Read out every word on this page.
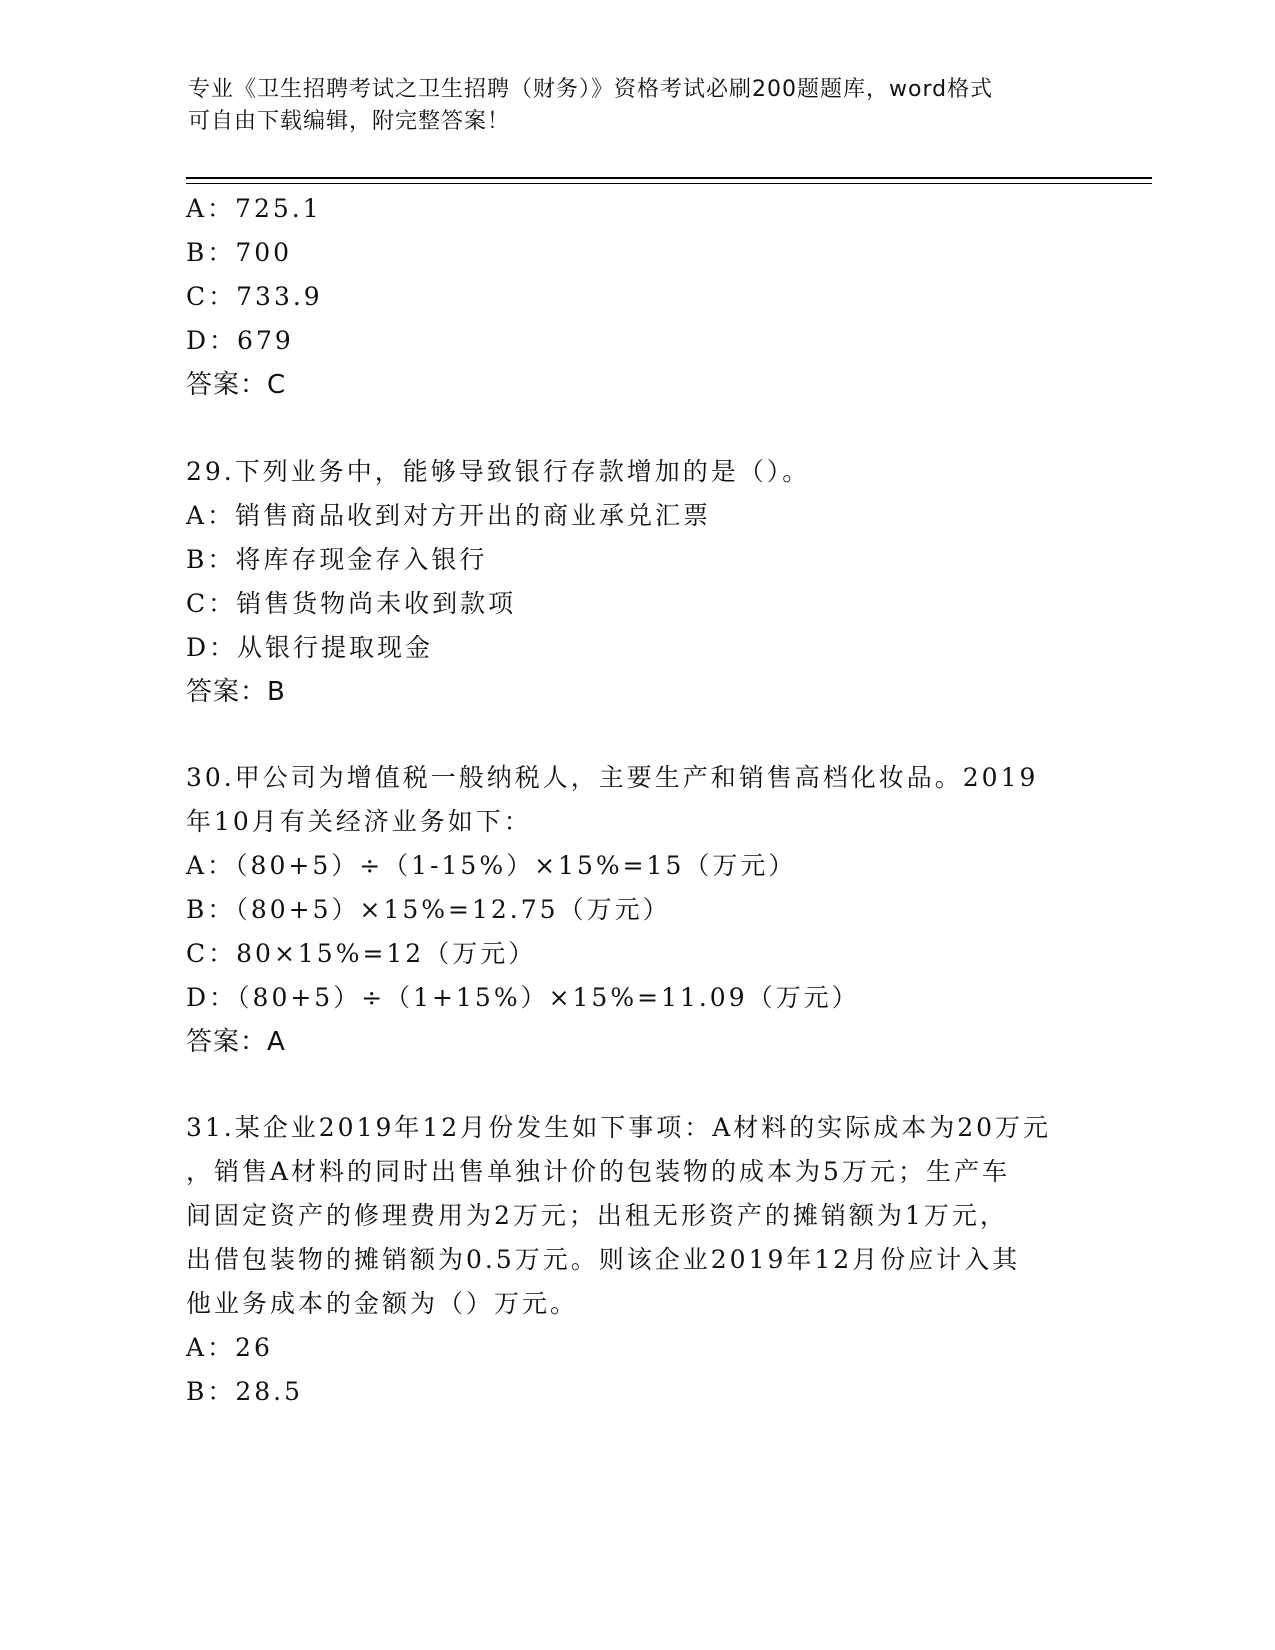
专业《卫生招聘考试之卫生招聘（财务）》资格考试必刷200题题库，word格式
可自由下载编辑，附完整答案！
A：725.1
B：700
C：733.9
D：679
答案：C
29.下列业务中，能够导致银行存款增加的是（）。
A：销售商品收到对方开出的商业承兑汇票
B：将库存现金存入银行
C：销售货物尚未收到款项
D：从银行提取现金
答案：B
30.甲公司为增值税一般纳税人，主要生产和销售高档化妆品。2019
年10月有关经济业务如下：
A：（80+5）÷（1-15%）×15%=15（万元）
B：（80+5）×15%=12.75（万元）
C：80×15%=12（万元）
D：（80+5）÷（1+15%）×15%=11.09（万元）
答案：A
31.某企业2019年12月份发生如下事项：A材料的实际成本为20万元
，销售A材料的同时出售单独计价的包装物的成本为5万元；生产车
间固定资产的修理费用为2万元；出租无形资产的摊销额为1万元，
出借包装物的摊销额为0.5万元。则该企业2019年12月份应计入其
他业务成本的金额为（）万元。
A：26
B：28.5
